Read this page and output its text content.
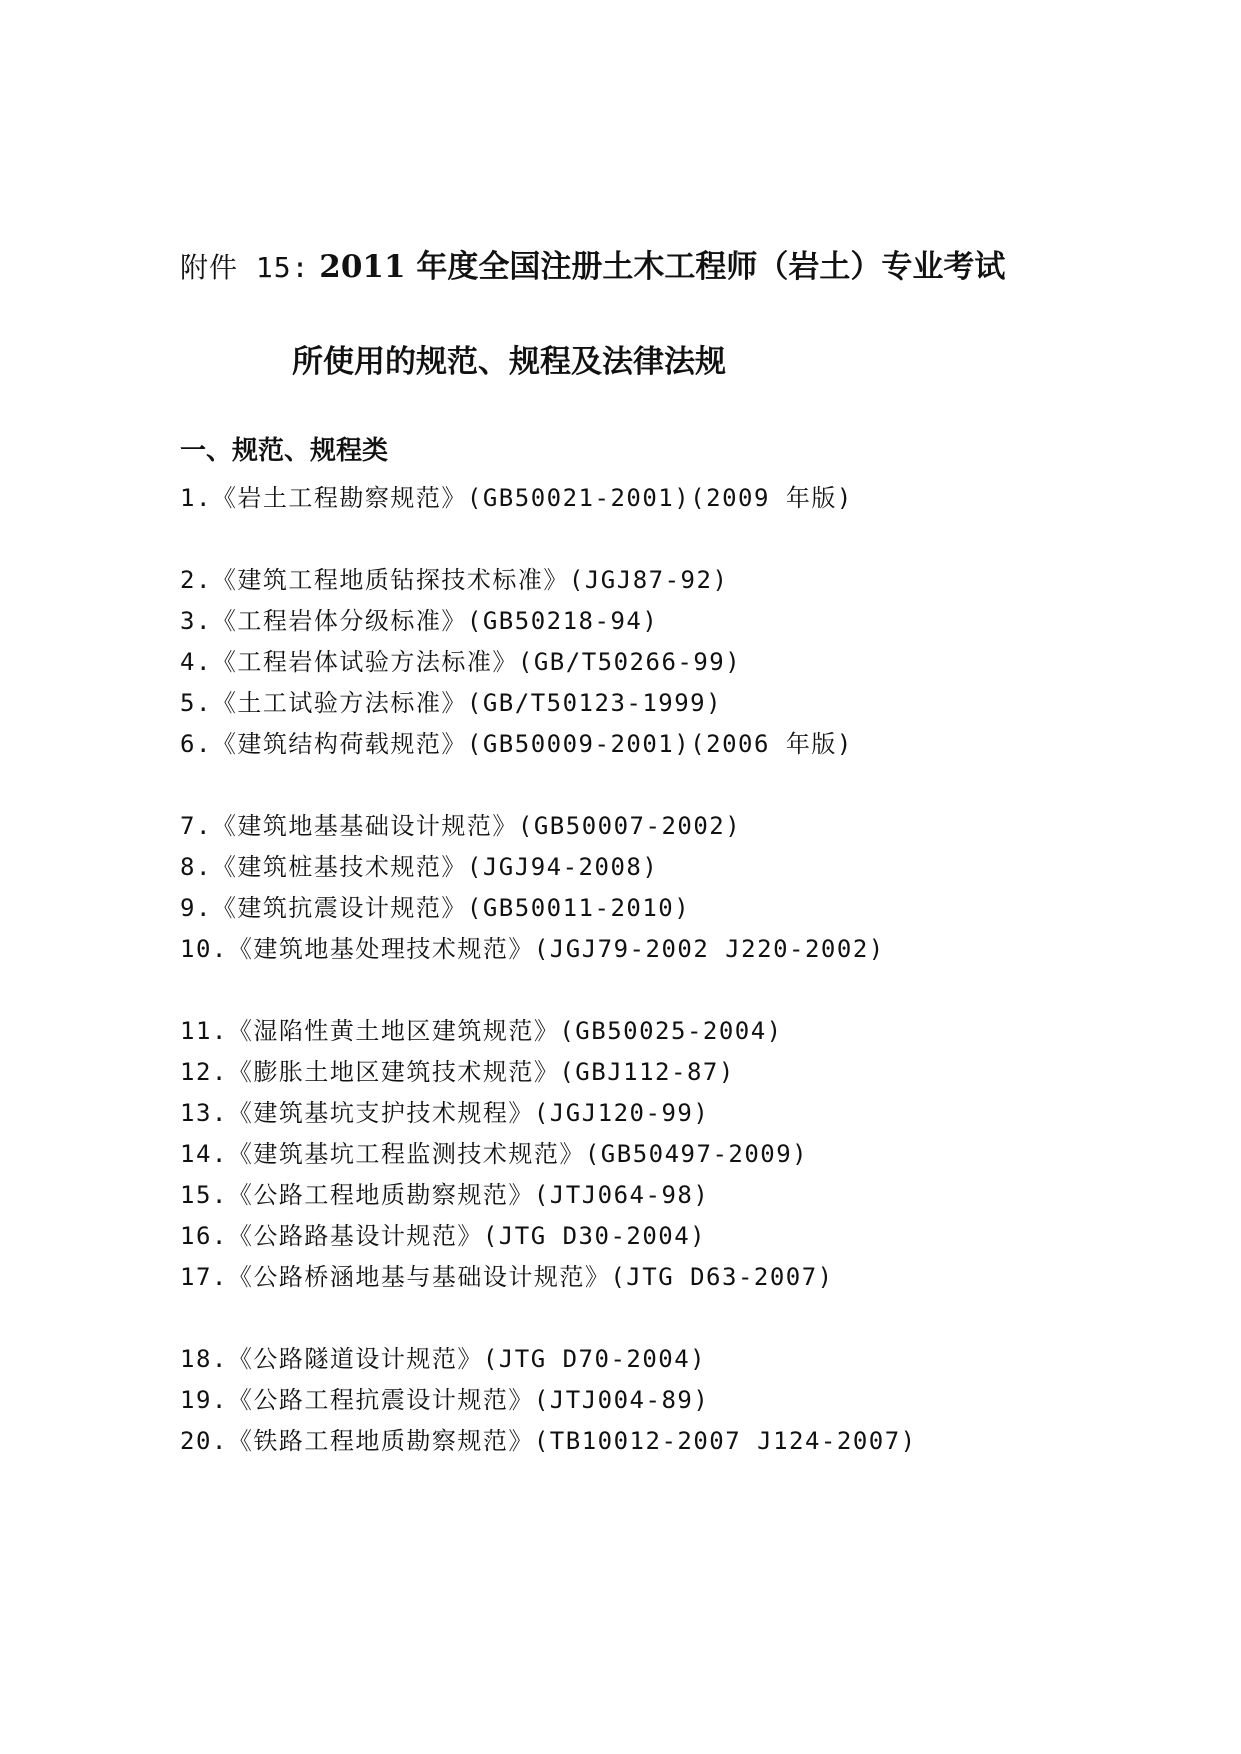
附件 15: 2011 年度全国注册土木工程师（岩土）专业考试
所使用的规范、规程及法律法规
一、规范、规程类
1.《岩土工程勘察规范》(GB50021-2001)(2009 年版)
2.《建筑工程地质钻探技术标准》(JGJ87-92)
3.《工程岩体分级标准》(GB50218-94)
4.《工程岩体试验方法标准》(GB/T50266-99)
5.《土工试验方法标准》(GB/T50123-1999)
6.《建筑结构荷载规范》(GB50009-2001)(2006 年版)
7.《建筑地基基础设计规范》(GB50007-2002)
8.《建筑桩基技术规范》(JGJ94-2008)
9.《建筑抗震设计规范》(GB50011-2010)
10.《建筑地基处理技术规范》(JGJ79-2002 J220-2002)
11.《湿陷性黄土地区建筑规范》(GB50025-2004)
12.《膨胀土地区建筑技术规范》(GBJ112-87)
13.《建筑基坑支护技术规程》(JGJ120-99)
14.《建筑基坑工程监测技术规范》(GB50497-2009)
15.《公路工程地质勘察规范》(JTJ064-98)
16.《公路路基设计规范》(JTG D30-2004)
17.《公路桥涵地基与基础设计规范》(JTG D63-2007)
18.《公路隧道设计规范》(JTG D70-2004)
19.《公路工程抗震设计规范》(JTJ004-89)
20.《铁路工程地质勘察规范》(TB10012-2007 J124-2007)
